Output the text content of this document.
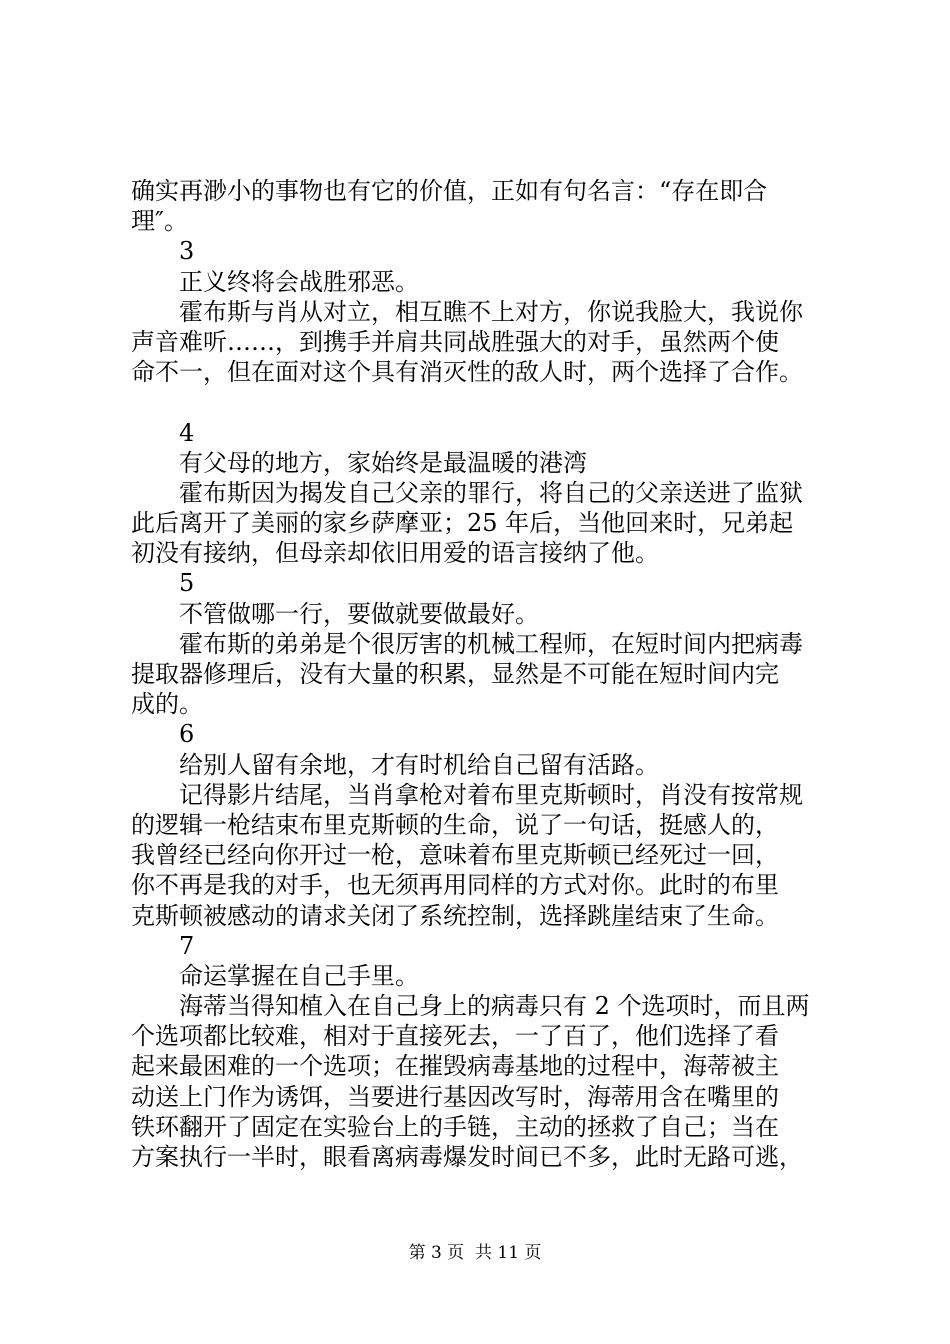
确实再渺小的事物也有它的价值，正如有句名言：“存在即合
理″。
3
正义终将会战胜邪恶。
霍布斯与肖从对立，相互瞧不上对方，你说我脸大，我说你
声音难听……，到携手并肩共同战胜强大的对手，虽然两个使
命不一，但在面对这个具有消灭性的敌人时，两个选择了合作。
4
有父母的地方，家始终是最温暖的港湾
霍布斯因为揭发自己父亲的罪行，将自己的父亲送进了监狱
此后离开了美丽的家乡萨摩亚；25 年后，当他回来时，兄弟起
初没有接纳，但母亲却依旧用爱的语言接纳了他。
5
不管做哪一行，要做就要做最好。
霍布斯的弟弟是个很厉害的机械工程师，在短时间内把病毒
提取器修理后，没有大量的积累，显然是不可能在短时间内完
成的。
6
给别人留有余地，才有时机给自己留有活路。
记得影片结尾，当肖拿枪对着布里克斯顿时，肖没有按常规
的逻辑一枪结束布里克斯顿的生命，说了一句话，挺感人的，
我曾经已经向你开过一枪，意味着布里克斯顿已经死过一回，
你不再是我的对手，也无须再用同样的方式对你。此时的布里
克斯顿被感动的请求关闭了系统控制，选择跳崖结束了生命。
7
命运掌握在自己手里。
海蒂当得知植入在自己身上的病毒只有 2 个选项时，而且两
个选项都比较难，相对于直接死去，一了百了，他们选择了看
起来最困难的一个选项；在摧毁病毒基地的过程中，海蒂被主
动送上门作为诱饵，当要进行基因改写时，海蒂用含在嘴里的
铁环翻开了固定在实验台上的手链，主动的拯救了自己；当在
方案执行一半时，眼看离病毒爆发时间已不多，此时无路可逃，
第 3 页  共 11 页
